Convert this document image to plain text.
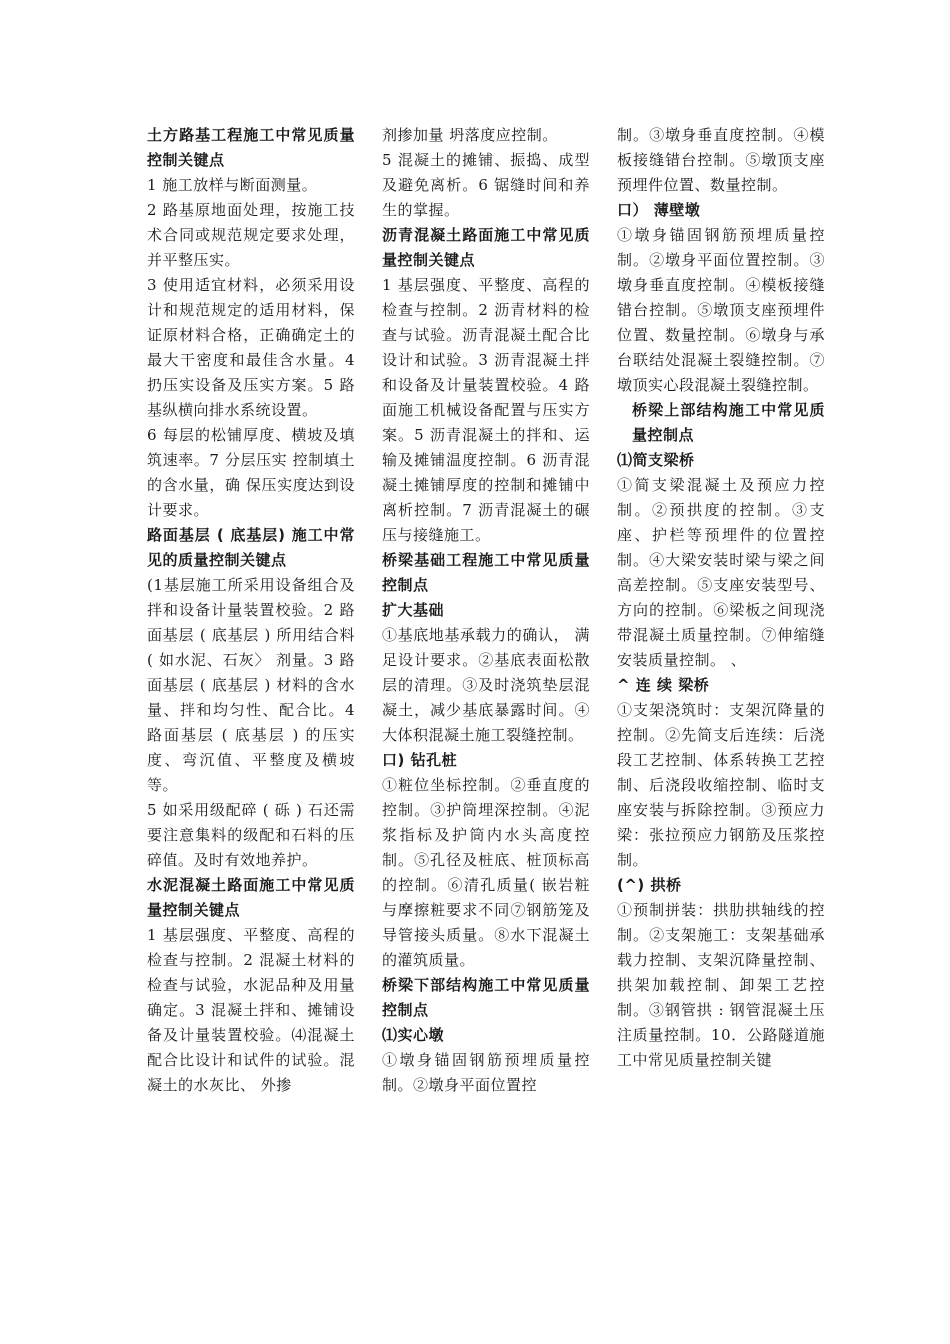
土方路基工程施工中常见质量控制关键点

1 施工放样与断面测量。

2 路基原地面处理，按施工技术合同或规范规定要求处理，并平整压实。

3 使用适宜材料，必须采用设计和规范规定的适用材料，保证原材料合格，正确确定土的最大干密度和最佳含水量。4 扔压实设备及压实方案。5 路基纵横向排水系统设置。

6 每层的松铺厚度、横坡及填筑速率。7 分层压实 控制填土的含水量，确 保压实度达到设计要求。

路面基层 ( 底基层) 施工中常见的质量控制关键点

(1基层施工所采用设备组合及拌和设备计量装置校验。2 路面基层 ( 底基层 ) 所用结合料 ( 如水泥、石灰〉 剂量。3 路面基层 ( 底基层 ) 材料的含水量、拌和均匀性、配合比。4 路面基层 ( 底基层 ) 的压实度、弯沉值、平整度及横坡等。

5 如采用级配碎 ( 砾 ) 石还需要注意集料的级配和石料的压碎值。及时有效地养护。

水泥混凝土路面施工中常见质量控制关键点

1 基层强度、平整度、高程的检查与控制。2 混凝土材料的检查与试验，水泥品种及用量确定。3 混凝土拌和、摊铺设备及计量装置校验。⑷混凝土配合比设计和试件的试验。混凝土的水灰比、 外掺

剂掺加量 坍落度应控制。

5 混凝土的摊铺、振捣、成型及避免离析。6 锯缝时间和养生的掌握。

沥青混凝土路面施工中常见质量控制关键点

1 基层强度、平整度、高程的检查与控制。2 沥青材料的检查与试验。沥青混凝土配合比设计和试验。3 沥青混凝土拌和设备及计量装置校验。4 路面施工机械设备配置与压实方案。5 沥青混凝土的拌和、运输及摊铺温度控制。6 沥青混凝土摊铺厚度的控制和摊铺中离析控制。7 沥青混凝土的碾压与接缝施工。

桥梁基础工程施工中常见质量控制点

扩大基础

①基底地基承载力的确认， 满足设计要求。②基底表面松散层的清理。③及时浇筑垫层混凝土，减少基底暴露时间。④大体积混凝土施工裂缝控制。

口) 钻孔桩

①粧位坐标控制。②垂直度的控制。③护筒埋深控制。④泥浆指标及护筒内水头高度控制。⑤孔径及桩底、桩顶标高的控制。⑥清孔质量( 嵌岩粧与摩擦粧要求不同⑦钢筋笼及导管接头质量。⑧水下混凝土的灌筑质量。

桥梁下部结构施工中常见质量控制点

⑴实心墩

①墩身锚固钢筋预埋质量控制。②墩身平面位置控

制。③墩身垂直度控制。④模板接缝错台控制。⑤墩顶支座预埋件位置、数量控制。

口） 薄壁墩

①墩身锚固钢筋预埋质量控制。②墩身平面位置控制。③墩身垂直度控制。④模板接缝错台控制。⑤墩顶支座预埋件位置、数量控制。⑥墩身与承台联结处混凝土裂缝控制。⑦墩顶实心段混凝土裂缝控制。

桥梁上部结构施工中常见质量控制点

⑴简支梁桥

①简支梁混凝土及预应力控制。②预拱度的控制。③支座、护栏等预埋件的位置控制。④大梁安装时梁与梁之间高差控制。⑤支座安装型号、 方向的控制。⑥梁板之间现浇带混凝土质量控制。⑦伸缩缝安装质量控制。 、

^ 连 续 梁桥

①支架浇筑时：支架沉降量的控制。②先简支后连续：后浇段工艺控制、体系转换工艺控制、后浇段收缩控制、临时支座安装与拆除控制。③预应力梁：张拉预应力钢筋及压浆控制。

(^) 拱桥

①预制拼装：拱肋拱轴线的控制。②支架施工：支架基础承载力控制、支架沉降量控制、拱架加载控制、卸架工艺控制。③钢管拱 : 钢管混凝土压注质量控制。10．公路隧道施工中常见质量控制关键
